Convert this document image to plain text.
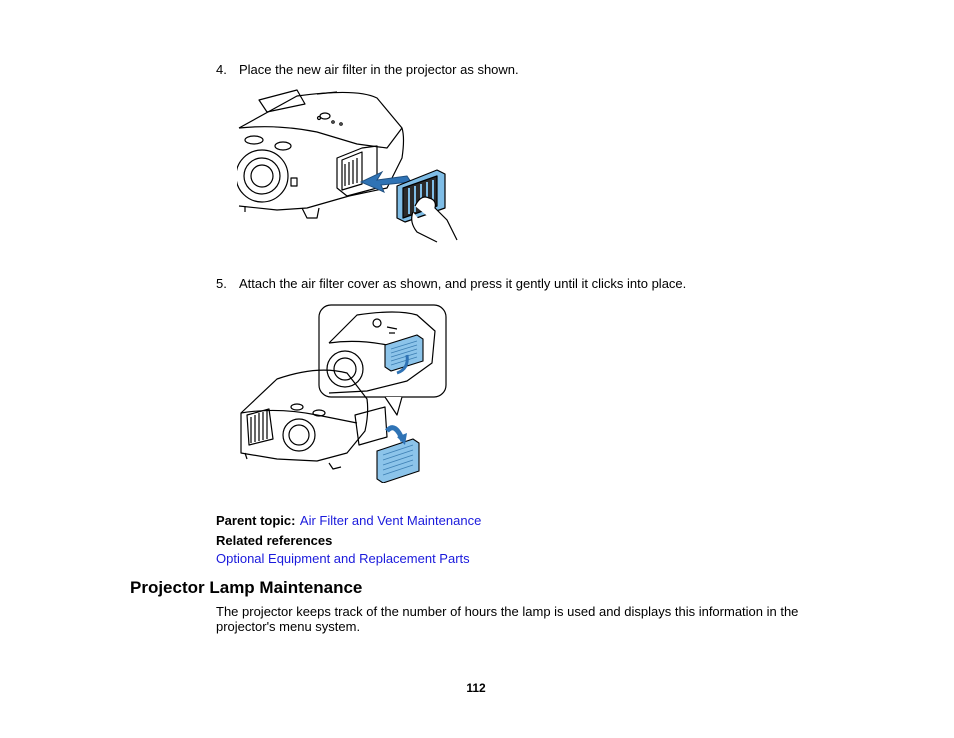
4. Place the new air filter in the projector as shown.
5. Attach the air filter cover as shown, and press it gently until it clicks into place.
Parent topic: Air Filter and Vent Maintenance
Related references
Optional Equipment and Replacement Parts
Projector Lamp Maintenance
The projector keeps track of the number of hours the lamp is used and displays this information in the projector's menu system.
112
